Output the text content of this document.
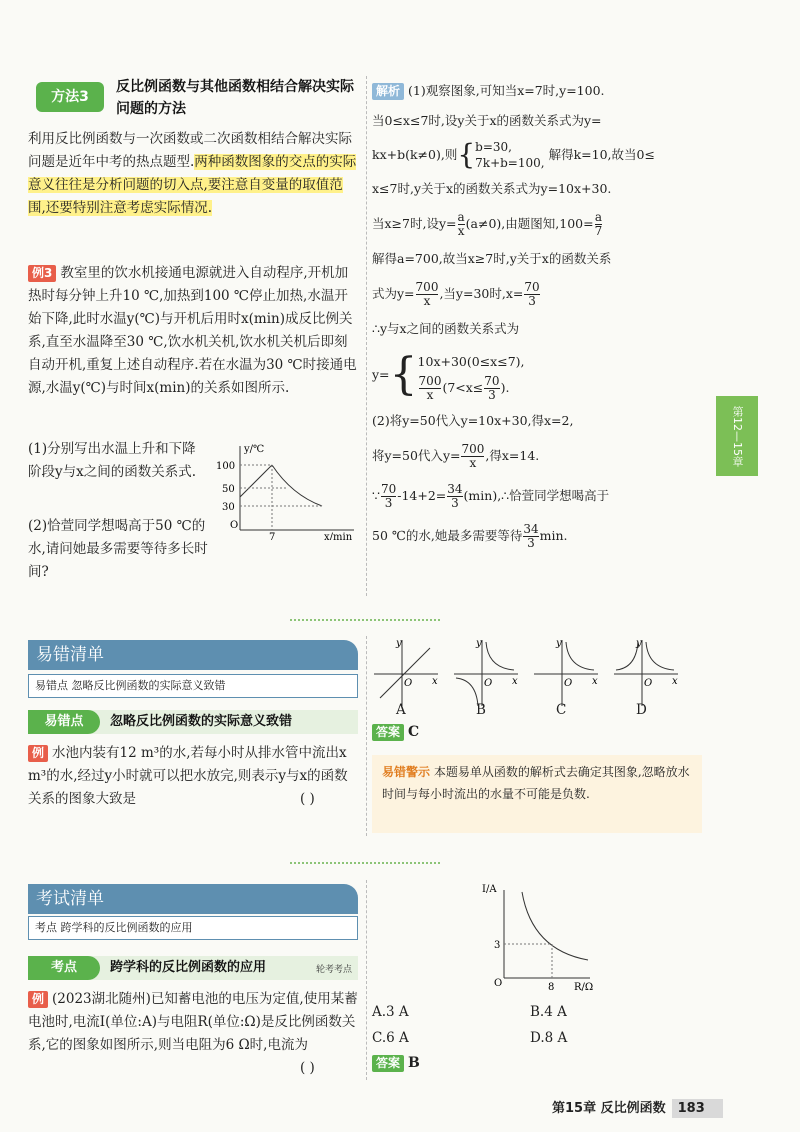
方法3
反比例函数与其他函数相结合解决实际问题的方法
利用反比例函数与一次函数或二次函数相结合解决实际问题是近年中考的热点题型.两种函数图象的交点的实际意义往往是分析问题的切入点,要注意自变量的取值范围,还要特别注意考虑实际情况.
例3 教室里的饮水机接通电源就进入自动程序,开机加热时每分钟上升10 ℃,加热到100 ℃停止加热,水温开始下降,此时水温y(℃)与开机后用时x(min)成反比例关系,直至水温降至30 ℃,饮水机关机,饮水机关机后即刻自动开机,重复上述自动程序.若在水温为30 ℃时接通电源,水温y(℃)与时间x(min)的关系如图所示.
(1)分别写出水温上升和下降阶段y与x之间的函数关系式.
(2)恰萱同学想喝高于50 ℃的水,请问她最多需要等待多长时间?
y/℃
100
50
30
O
7	x/min
解析 (1)观察图象,可知当x=7时,y=100.
当0≤x≤7时,设y关于x的函数关系式为y=
kx+b(k≠0),则 { b=30,
7k+b=100,
解得k=10,故当0≤
x≤7时,y关于x的函数关系式为y=10x+30.
当x≥7时,设$y= \frac{a}{x} (a\ne 0)$,由题图知$,100= \frac{a}{7}$
解得a=700,故当x≥7时,y关于x的函数关系
式为$y= \frac{700}{x}$ ,当y=30时$,x= \frac{70}{3}$
∴y与x之间的函数关系式为
y= { 10x+30(0≤x≤7),
$\frac{700}{x} (7<x\le \frac{70}{3}$ ).
(2)将y=50代入y=10x+30,得x=2,
将y=50代入$y= \frac{700}{x}$ ,得x=14.
∵ $\frac{70}{3} -14+2= \frac{34}{3}$ (min),∴恰萱同学想喝高于
50 ℃的水,她最多需要等待 $\frac{34}{3} \min$.
第12—15章
易错清单
易错点 忽略反比例函数的实际意义致错
易错点	忽略反比例函数的实际意义致错
例 水池内装有12 m³的水,若每小时从排水管中流出x m³的水,经过y小时就可以把水放完,则表示y与x的函数关系的图象大致是	( )
y
x
O
y
x
O
y
x
O
y
x
O
A	B	C	D
答案 C
易错警示 本题易单从函数的解析式去确定其图象,忽略放水时间与每小时流出的水量不可能是负数.
考试清单
考点 跨学科的反比例函数的应用
考点	跨学科的反比例函数的应用	轮考考点
例 (2023湖北随州)已知蓄电池的电压为定值,使用某蓄电池时,电流I(单位:A)与电阻R(单位:Ω)是反比例函数关系,它的图象如图所示,则当电阻为6 Ω时,电流为
( )
I/A
3
O	8 R/Ω
A.3 A	B.4 A
C.6 A	D.8 A
答案 B
第15章 反比例函数 183
